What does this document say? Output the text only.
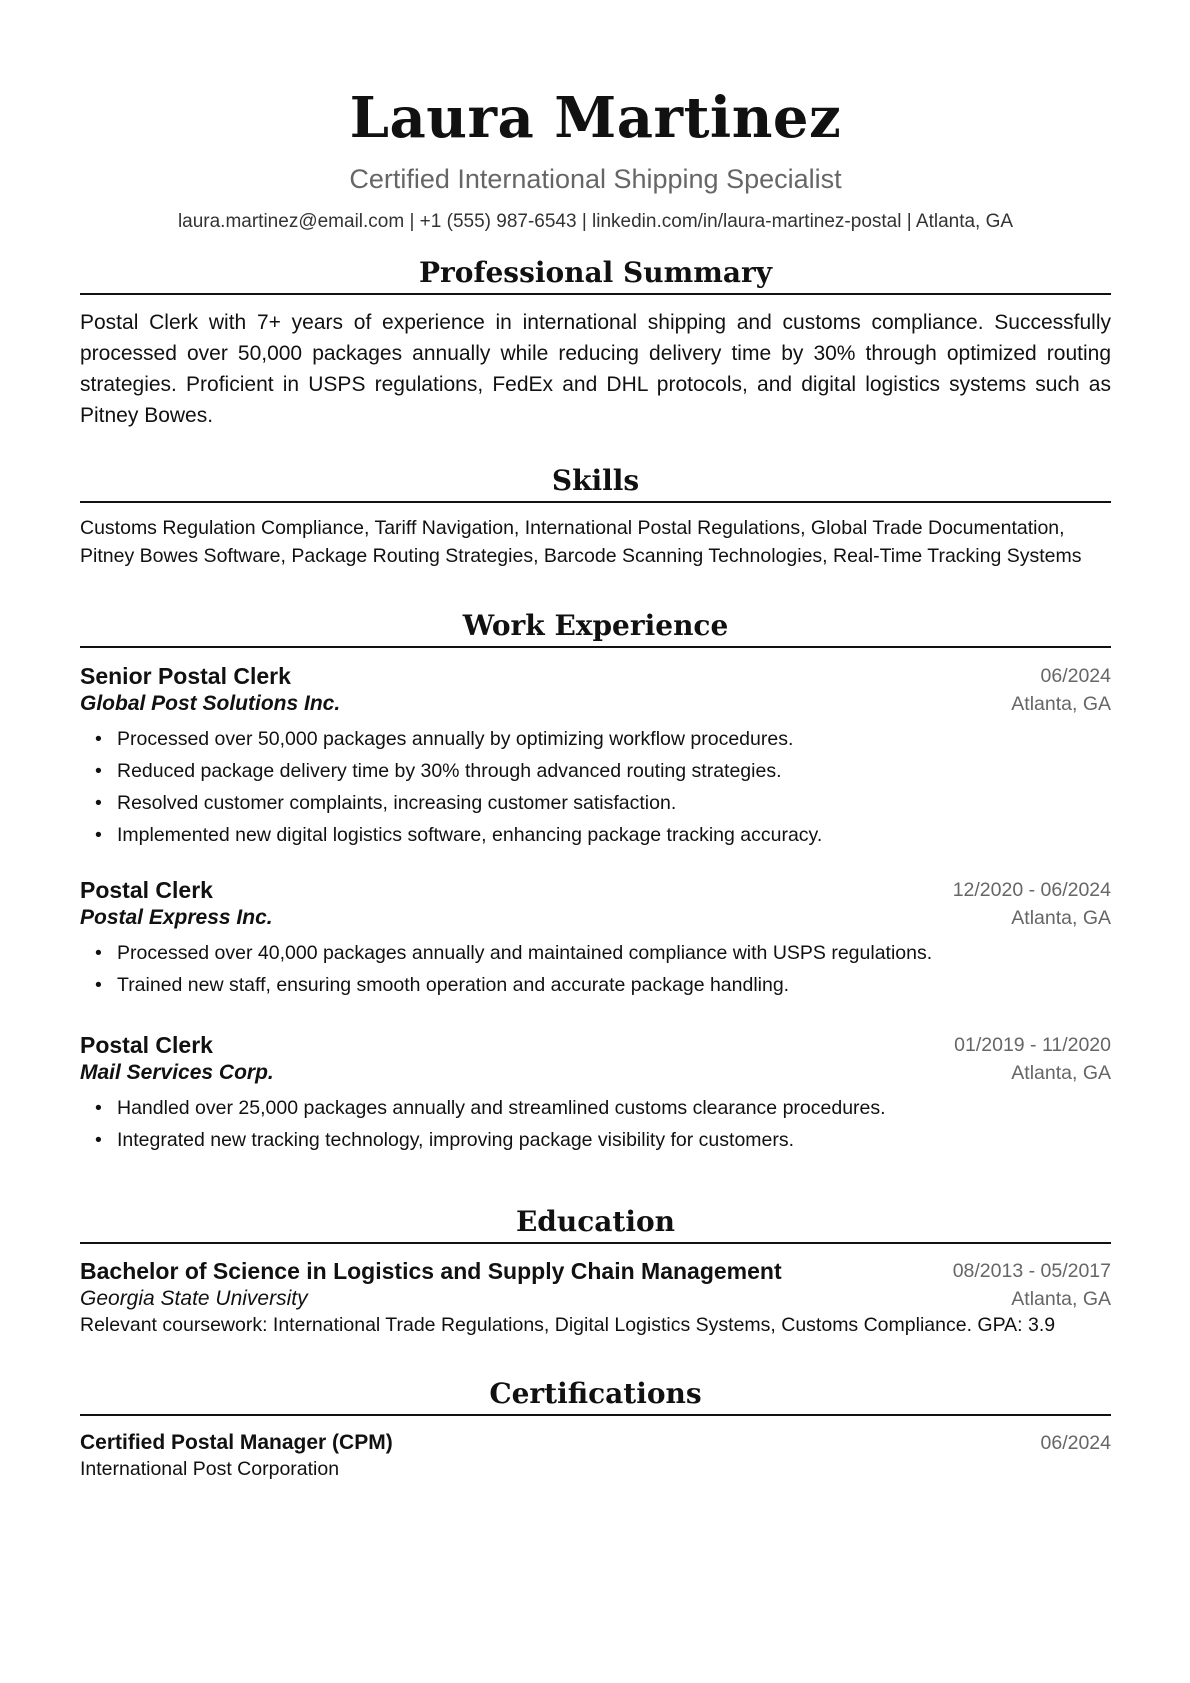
Laura Martinez
Certified International Shipping Specialist
laura.martinez@email.com | +1 (555) 987-6543 | linkedin.com/in/laura-martinez-postal | Atlanta, GA
Professional Summary
Postal Clerk with 7+ years of experience in international shipping and customs compliance. Successfully processed over 50,000 packages annually while reducing delivery time by 30% through optimized routing strategies. Proficient in USPS regulations, FedEx and DHL protocols, and digital logistics systems such as Pitney Bowes.
Skills
Customs Regulation Compliance, Tariff Navigation, International Postal Regulations, Global Trade Documentation, Pitney Bowes Software, Package Routing Strategies, Barcode Scanning Technologies, Real-Time Tracking Systems
Work Experience
Senior Postal Clerk	06/2024
Global Post Solutions Inc.	Atlanta, GA
• Processed over 50,000 packages annually by optimizing workflow procedures.
• Reduced package delivery time by 30% through advanced routing strategies.
• Resolved customer complaints, increasing customer satisfaction.
• Implemented new digital logistics software, enhancing package tracking accuracy.
Postal Clerk	12/2020 - 06/2024
Postal Express Inc.	Atlanta, GA
• Processed over 40,000 packages annually and maintained compliance with USPS regulations.
• Trained new staff, ensuring smooth operation and accurate package handling.
Postal Clerk	01/2019 - 11/2020
Mail Services Corp.	Atlanta, GA
• Handled over 25,000 packages annually and streamlined customs clearance procedures.
• Integrated new tracking technology, improving package visibility for customers.
Education
Bachelor of Science in Logistics and Supply Chain Management	08/2013 - 05/2017
Georgia State University	Atlanta, GA
Relevant coursework: International Trade Regulations, Digital Logistics Systems, Customs Compliance. GPA: 3.9
Certifications
Certified Postal Manager (CPM)	06/2024
International Post Corporation
